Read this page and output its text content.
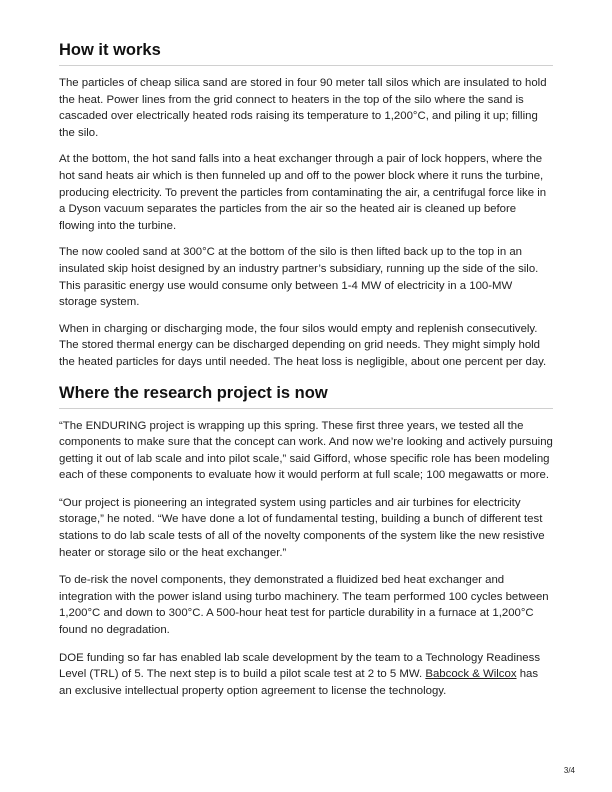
How it works

The particles of cheap silica sand are stored in four 90 meter tall silos which are insulated to hold the heat. Power lines from the grid connect to heaters in the top of the silo where the sand is cascaded over electrically heated rods raising its temperature to 1,200°C, and piling it up; filling the silo.

At the bottom, the hot sand falls into a heat exchanger through a pair of lock hoppers, where the hot sand heats air which is then funneled up and off to the power block where it runs the turbine, producing electricity. To prevent the particles from contaminating the air, a centrifugal force like in a Dyson vacuum separates the particles from the air so the heated air is cleaned up before flowing into the turbine.

The now cooled sand at 300°C at the bottom of the silo is then lifted back up to the top in an insulated skip hoist designed by an industry partner’s subsidiary, running up the side of the silo. This parasitic energy use would consume only between 1-4 MW of electricity in a 100-MW storage system.

When in charging or discharging mode, the four silos would empty and replenish consecutively. The stored thermal energy can be discharged depending on grid needs. They might simply hold the heated particles for days until needed. The heat loss is negligible, about one percent per day.

Where the research project is now

“The ENDURING project is wrapping up this spring. These first three years, we tested all the components to make sure that the concept can work. And now we’re looking and actively pursuing getting it out of lab scale and into pilot scale,” said Gifford, whose specific role has been modeling each of these components to evaluate how it would perform at full scale; 100 megawatts or more.

“Our project is pioneering an integrated system using particles and air turbines for electricity storage,” he noted. “We have done a lot of fundamental testing, building a bunch of different test stations to do lab scale tests of all of the novelty components of the system like the new resistive heater or storage silo or the heat exchanger.”

To de-risk the novel components, they demonstrated a fluidized bed heat exchanger and integration with the power island using turbo machinery. The team performed 100 cycles between 1,200°C and down to 300°C. A 500-hour heat test for particle durability in a furnace at 1,200°C found no degradation.

DOE funding so far has enabled lab scale development by the team to a Technology Readiness Level (TRL) of 5. The next step is to build a pilot scale test at 2 to 5 MW. Babcock & Wilcox has an exclusive intellectual property option agreement to license the technology.

3/4
